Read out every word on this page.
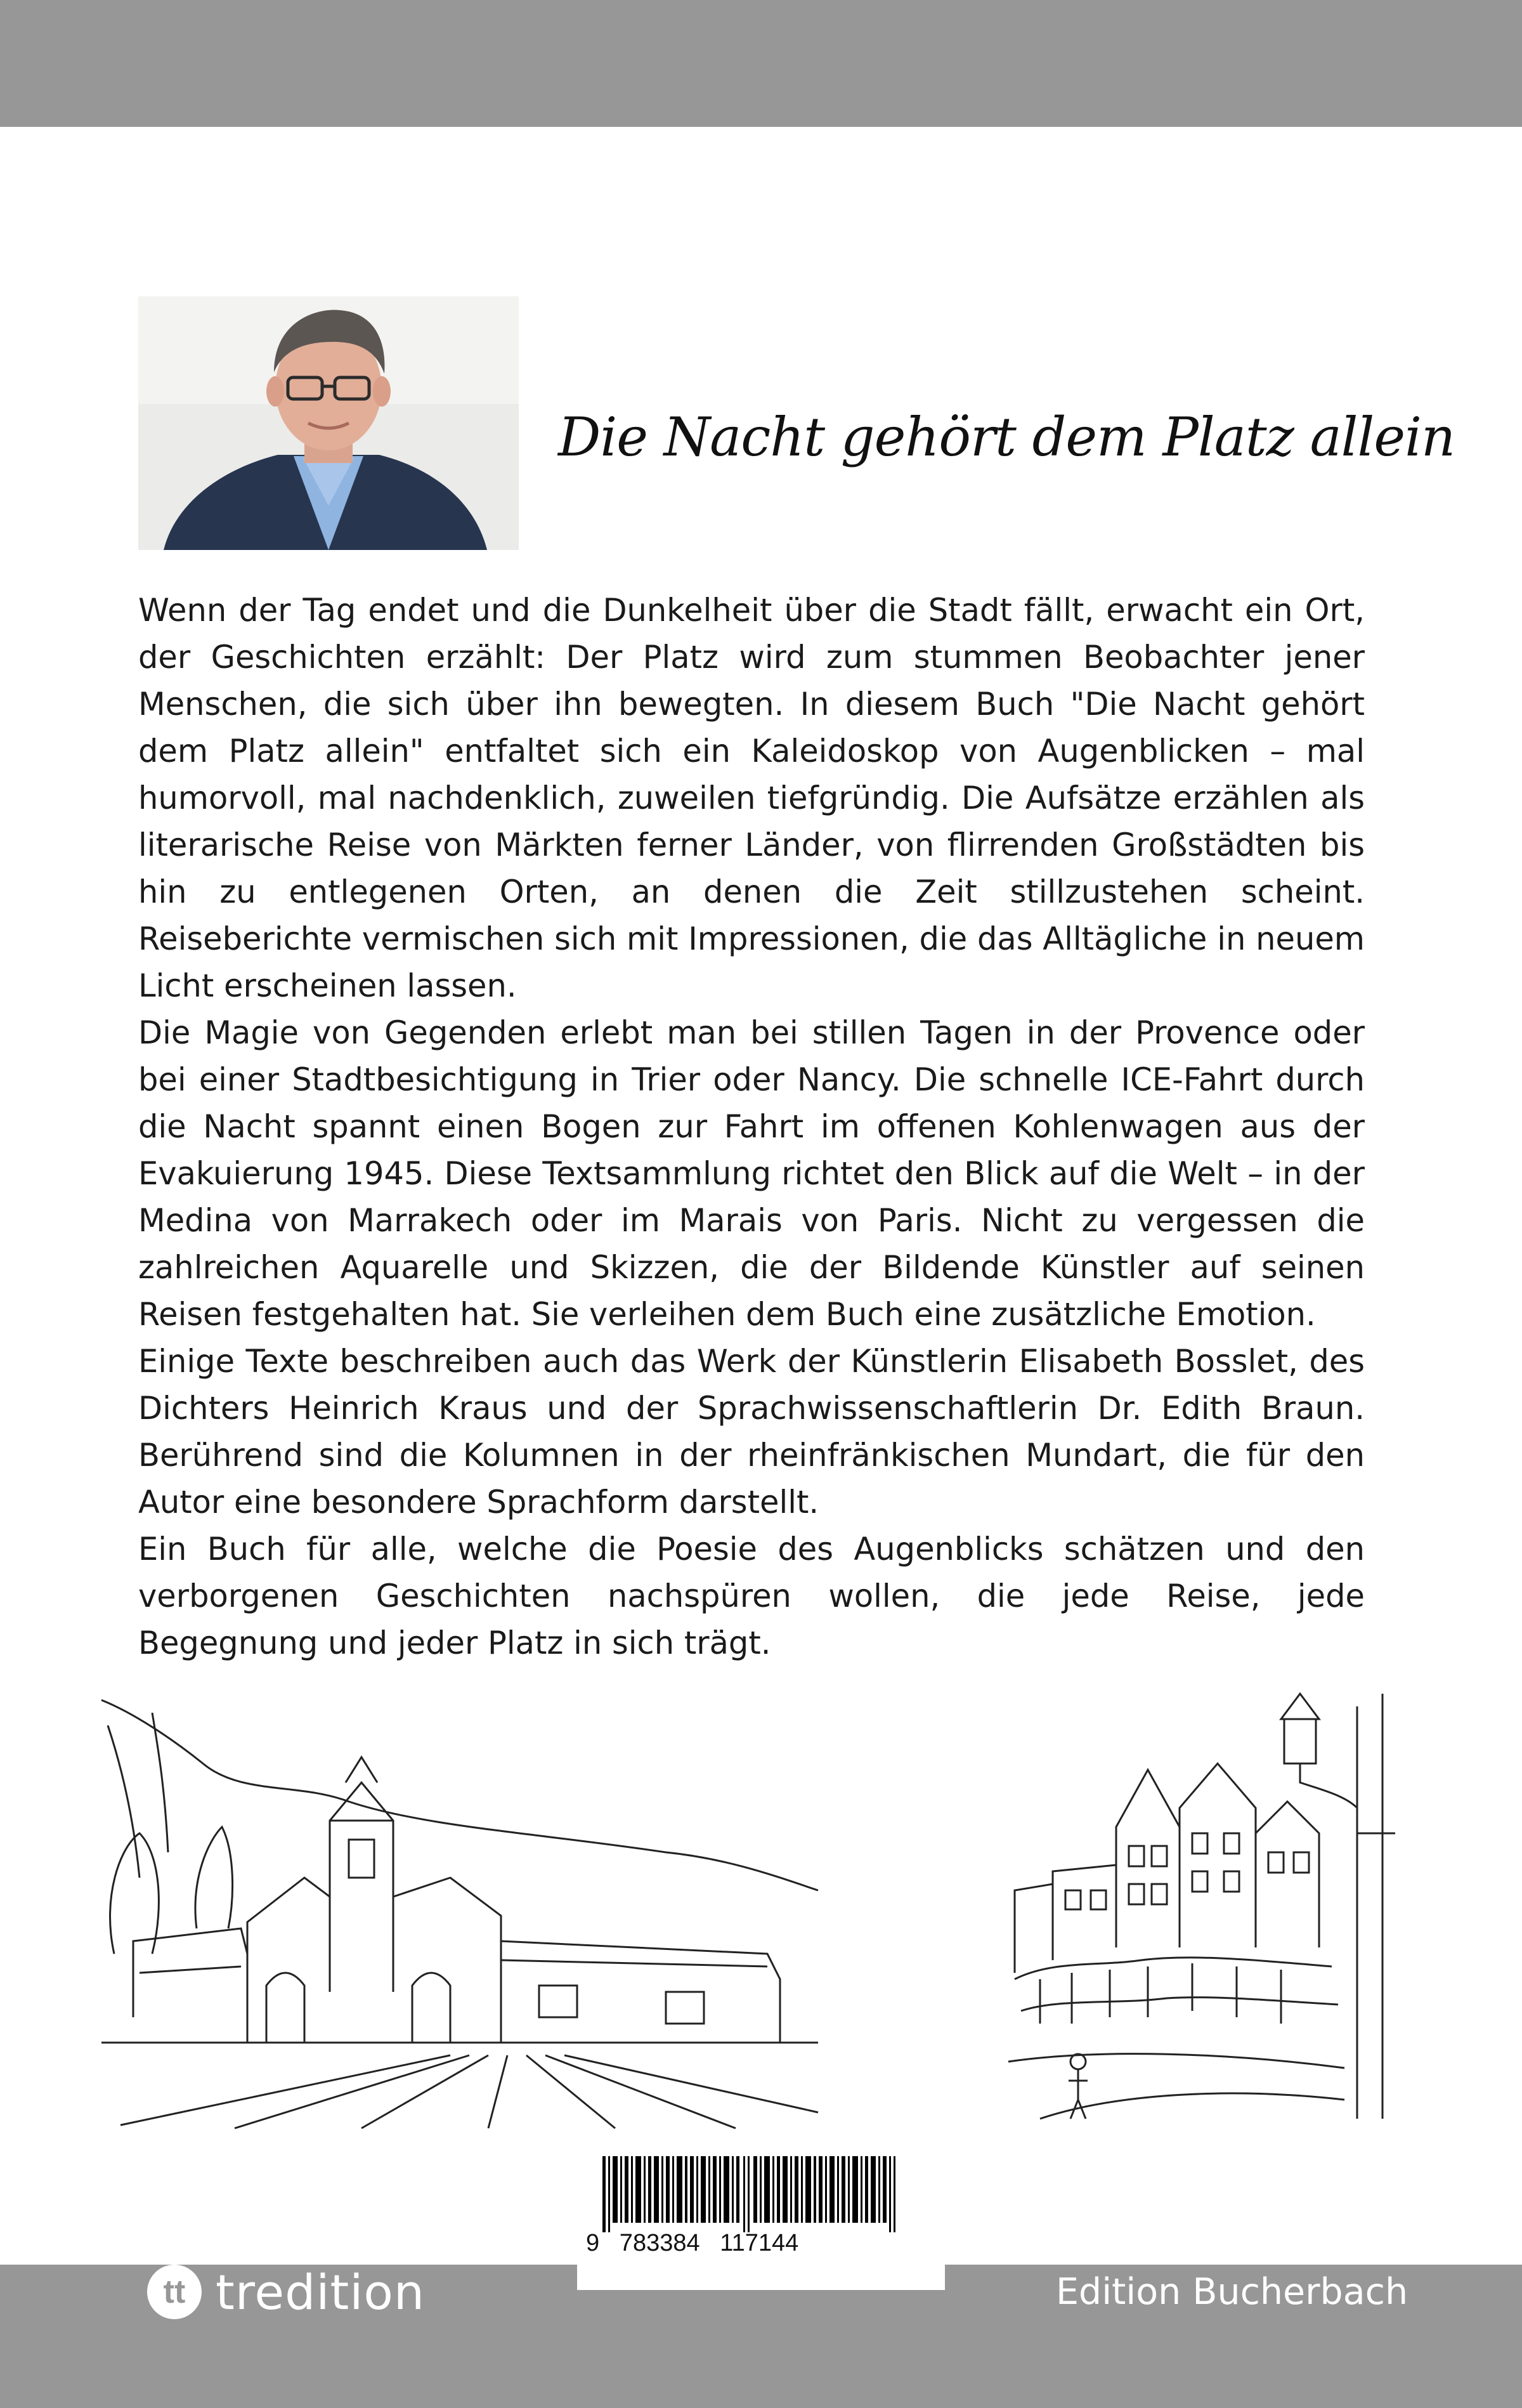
Die Nacht gehört dem Platz allein

Wenn der Tag endet und die Dunkelheit über die Stadt fällt, erwacht ein Ort, der Geschichten erzählt: Der Platz wird zum stummen Beobachter jener Menschen, die sich über ihn bewegten. In diesem Buch "Die Nacht gehört dem Platz allein" entfaltet sich ein Kaleidoskop von Augenblicken – mal humorvoll, mal nachdenklich, zuweilen tiefgründig. Die Aufsätze erzählen als literarische Reise von Märkten ferner Länder, von flirrenden Großstädten bis hin zu entlegenen Orten, an denen die Zeit stillzustehen scheint. Reiseberichte vermischen sich mit Impressionen, die das Alltägliche in neuem Licht erscheinen lassen.

Die Magie von Gegenden erlebt man bei stillen Tagen in der Provence oder bei einer Stadtbesichtigung in Trier oder Nancy. Die schnelle ICE-Fahrt durch die Nacht spannt einen Bogen zur Fahrt im offenen Kohlenwagen aus der Evakuierung 1945. Diese Textsammlung richtet den Blick auf die Welt – in der Medina von Marrakech oder im Marais von Paris. Nicht zu vergessen die zahlreichen Aquarelle und Skizzen, die der Bildende Künstler auf seinen Reisen festgehalten hat. Sie verleihen dem Buch eine zusätzliche Emotion.

Einige Texte beschreiben auch das Werk der Künstlerin Elisabeth Bosslet, des Dichters Heinrich Kraus und der Sprachwissenschaftlerin Dr. Edith Braun. Berührend sind die Kolumnen in der rheinfränkischen Mundart, die für den Autor eine besondere Sprachform darstellt.

Ein Buch für alle, welche die Poesie des Augenblicks schätzen und den verborgenen Geschichten nachspüren wollen, die jede Reise, jede Begegnung und jeder Platz in sich trägt.

9   783384   117144
tt tredition	Edition Bucherbach
